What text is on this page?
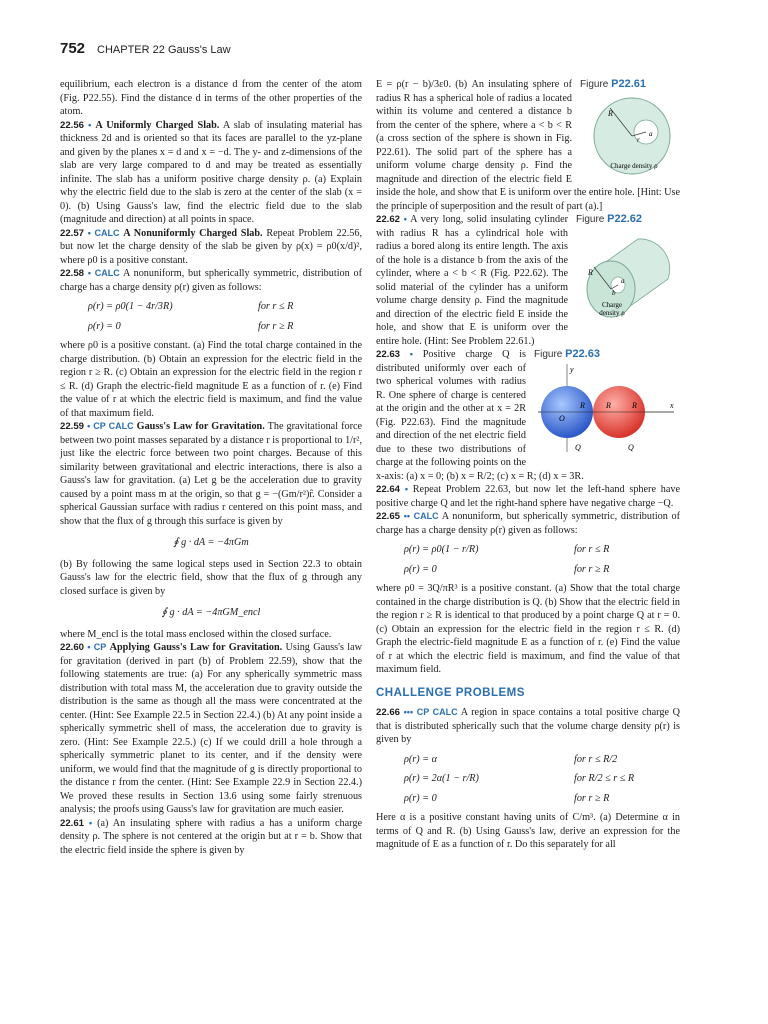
752 CHAPTER 22 Gauss's Law

equilibrium, each electron is a distance d from the center of the atom (Fig. P22.55). Find the distance d in terms of the other properties of the atom.

22.56 • A Uniformly Charged Slab. A slab of insulating material has thickness 2d and is oriented so that its faces are parallel to the yz-plane and given by the planes x = d and x = −d. The y- and z-dimensions of the slab are very large compared to d and may be treated as essentially infinite. The slab has a uniform positive charge density ρ. (a) Explain why the electric field due to the slab is zero at the center of the slab (x = 0). (b) Using Gauss's law, find the electric field due to the slab (magnitude and direction) at all points in space.

22.57 • CALC A Nonuniformly Charged Slab. Repeat Problem 22.56, but now let the charge density of the slab be given by ρ(x) = ρ0(x/d)², where ρ0 is a positive constant.

22.58 • CALC A nonuniform, but spherically symmetric, distribution of charge has a charge density ρ(r) given as follows:

ρ(r) = ρ0(1 − 4r/3R)	for r ≤ R
ρ(r) = 0	for r ≥ R

where ρ0 is a positive constant. (a) Find the total charge contained in the charge distribution. (b) Obtain an expression for the electric field in the region r ≥ R. (c) Obtain an expression for the electric field in the region r ≤ R. (d) Graph the electric-field magnitude E as a function of r. (e) Find the value of r at which the electric field is maximum, and find the value of that maximum field.

22.59 • CP CALC Gauss's Law for Gravitation. The gravitational force between two point masses separated by a distance r is proportional to 1/r², just like the electric force between two point charges. Because of this similarity between gravitational and electric interactions, there is also a Gauss's law for gravitation. (a) Let g be the acceleration due to gravity caused by a point mass m at the origin, so that g = −(Gm/r²)r̂. Consider a spherical Gaussian surface with radius r centered on this point mass, and show that the flux of g through this surface is given by

∮ g · dA = −4πGm

(b) By following the same logical steps used in Section 22.3 to obtain Gauss's law for the electric field, show that the flux of g through any closed surface is given by

∮ g · dA = −4πGM_encl

where M_encl is the total mass enclosed within the closed surface.

22.60 • CP Applying Gauss's Law for Gravitation. Using Gauss's law for gravitation (derived in part (b) of Problem 22.59), show that the following statements are true: (a) For any spherically symmetric mass distribution with total mass M, the acceleration due to gravity outside the distribution is the same as though all the mass were concentrated at the center. (Hint: See Example 22.5 in Section 22.4.) (b) At any point inside a spherically symmetric shell of mass, the acceleration due to gravity is zero. (Hint: See Example 22.5.) (c) If we could drill a hole through a spherically symmetric planet to its center, and if the density were uniform, we would find that the magnitude of g is directly proportional to the distance r from the center. (Hint: See Example 22.9 in Section 22.4.) We proved these results in Section 13.6 using some fairly strenuous analysis; the proofs using Gauss's law for gravitation are much easier.

22.61 • (a) An insulating sphere with radius a has a uniform charge density ρ. The sphere is not centered at the origin but at r = b. Show that the electric field inside the sphere is given by

Figure P22.61
R
r
a
Charge density ρ

E = ρ(r − b)/3ε0. (b) An insulating sphere of radius R has a spherical hole of radius a located within its volume and centered a distance b from the center of the sphere, where a < b < R (a cross section of the sphere is shown in Fig. P22.61). The solid part of the sphere has a uniform volume charge density ρ. Find the magnitude and direction of the electric field E inside the hole, and show that E is uniform over the entire hole. [Hint: Use the principle of superposition and the result of part (a).]

Figure P22.62
R
a
b
Charge
density ρ

22.62 • A very long, solid insulating cylinder with radius R has a cylindrical hole with radius a bored along its entire length. The axis of the hole is a distance b from the axis of the cylinder, where a < b < R (Fig. P22.62). The solid material of the cylinder has a uniform volume charge density ρ. Find the magnitude and direction of the electric field E inside the hole, and show that E is uniform over the entire hole. (Hint: See Problem 22.61.)

Figure P22.63
y
x
O
R	R	R
Q	Q

22.63 • Positive charge Q is distributed uniformly over each of two spherical volumes with radius R. One sphere of charge is centered at the origin and the other at x = 2R (Fig. P22.63). Find the magnitude and direction of the net electric field due to these two distributions of charge at the following points on the x-axis: (a) x = 0; (b) x = R/2; (c) x = R; (d) x = 3R.

22.64 • Repeat Problem 22.63, but now let the left-hand sphere have positive charge Q and let the right-hand sphere have negative charge −Q.

22.65 •• CALC A nonuniform, but spherically symmetric, distribution of charge has a charge density ρ(r) given as follows:

ρ(r) = ρ0(1 − r/R)	for r ≤ R
ρ(r) = 0	for r ≥ R

where ρ0 = 3Q/πR³ is a positive constant. (a) Show that the total charge contained in the charge distribution is Q. (b) Show that the electric field in the region r ≥ R is identical to that produced by a point charge Q at r = 0. (c) Obtain an expression for the electric field in the region r ≤ R. (d) Graph the electric-field magnitude E as a function of r. (e) Find the value of r at which the electric field is maximum, and find the value of that maximum field.

CHALLENGE PROBLEMS

22.66 ••• CP CALC A region in space contains a total positive charge Q that is distributed spherically such that the volume charge density ρ(r) is given by

ρ(r) = α	for r ≤ R/2
ρ(r) = 2α(1 − r/R)	for R/2 ≤ r ≤ R
ρ(r) = 0	for r ≥ R

Here α is a positive constant having units of C/m³. (a) Determine α in terms of Q and R. (b) Using Gauss's law, derive an expression for the magnitude of E as a function of r. Do this separately for all
